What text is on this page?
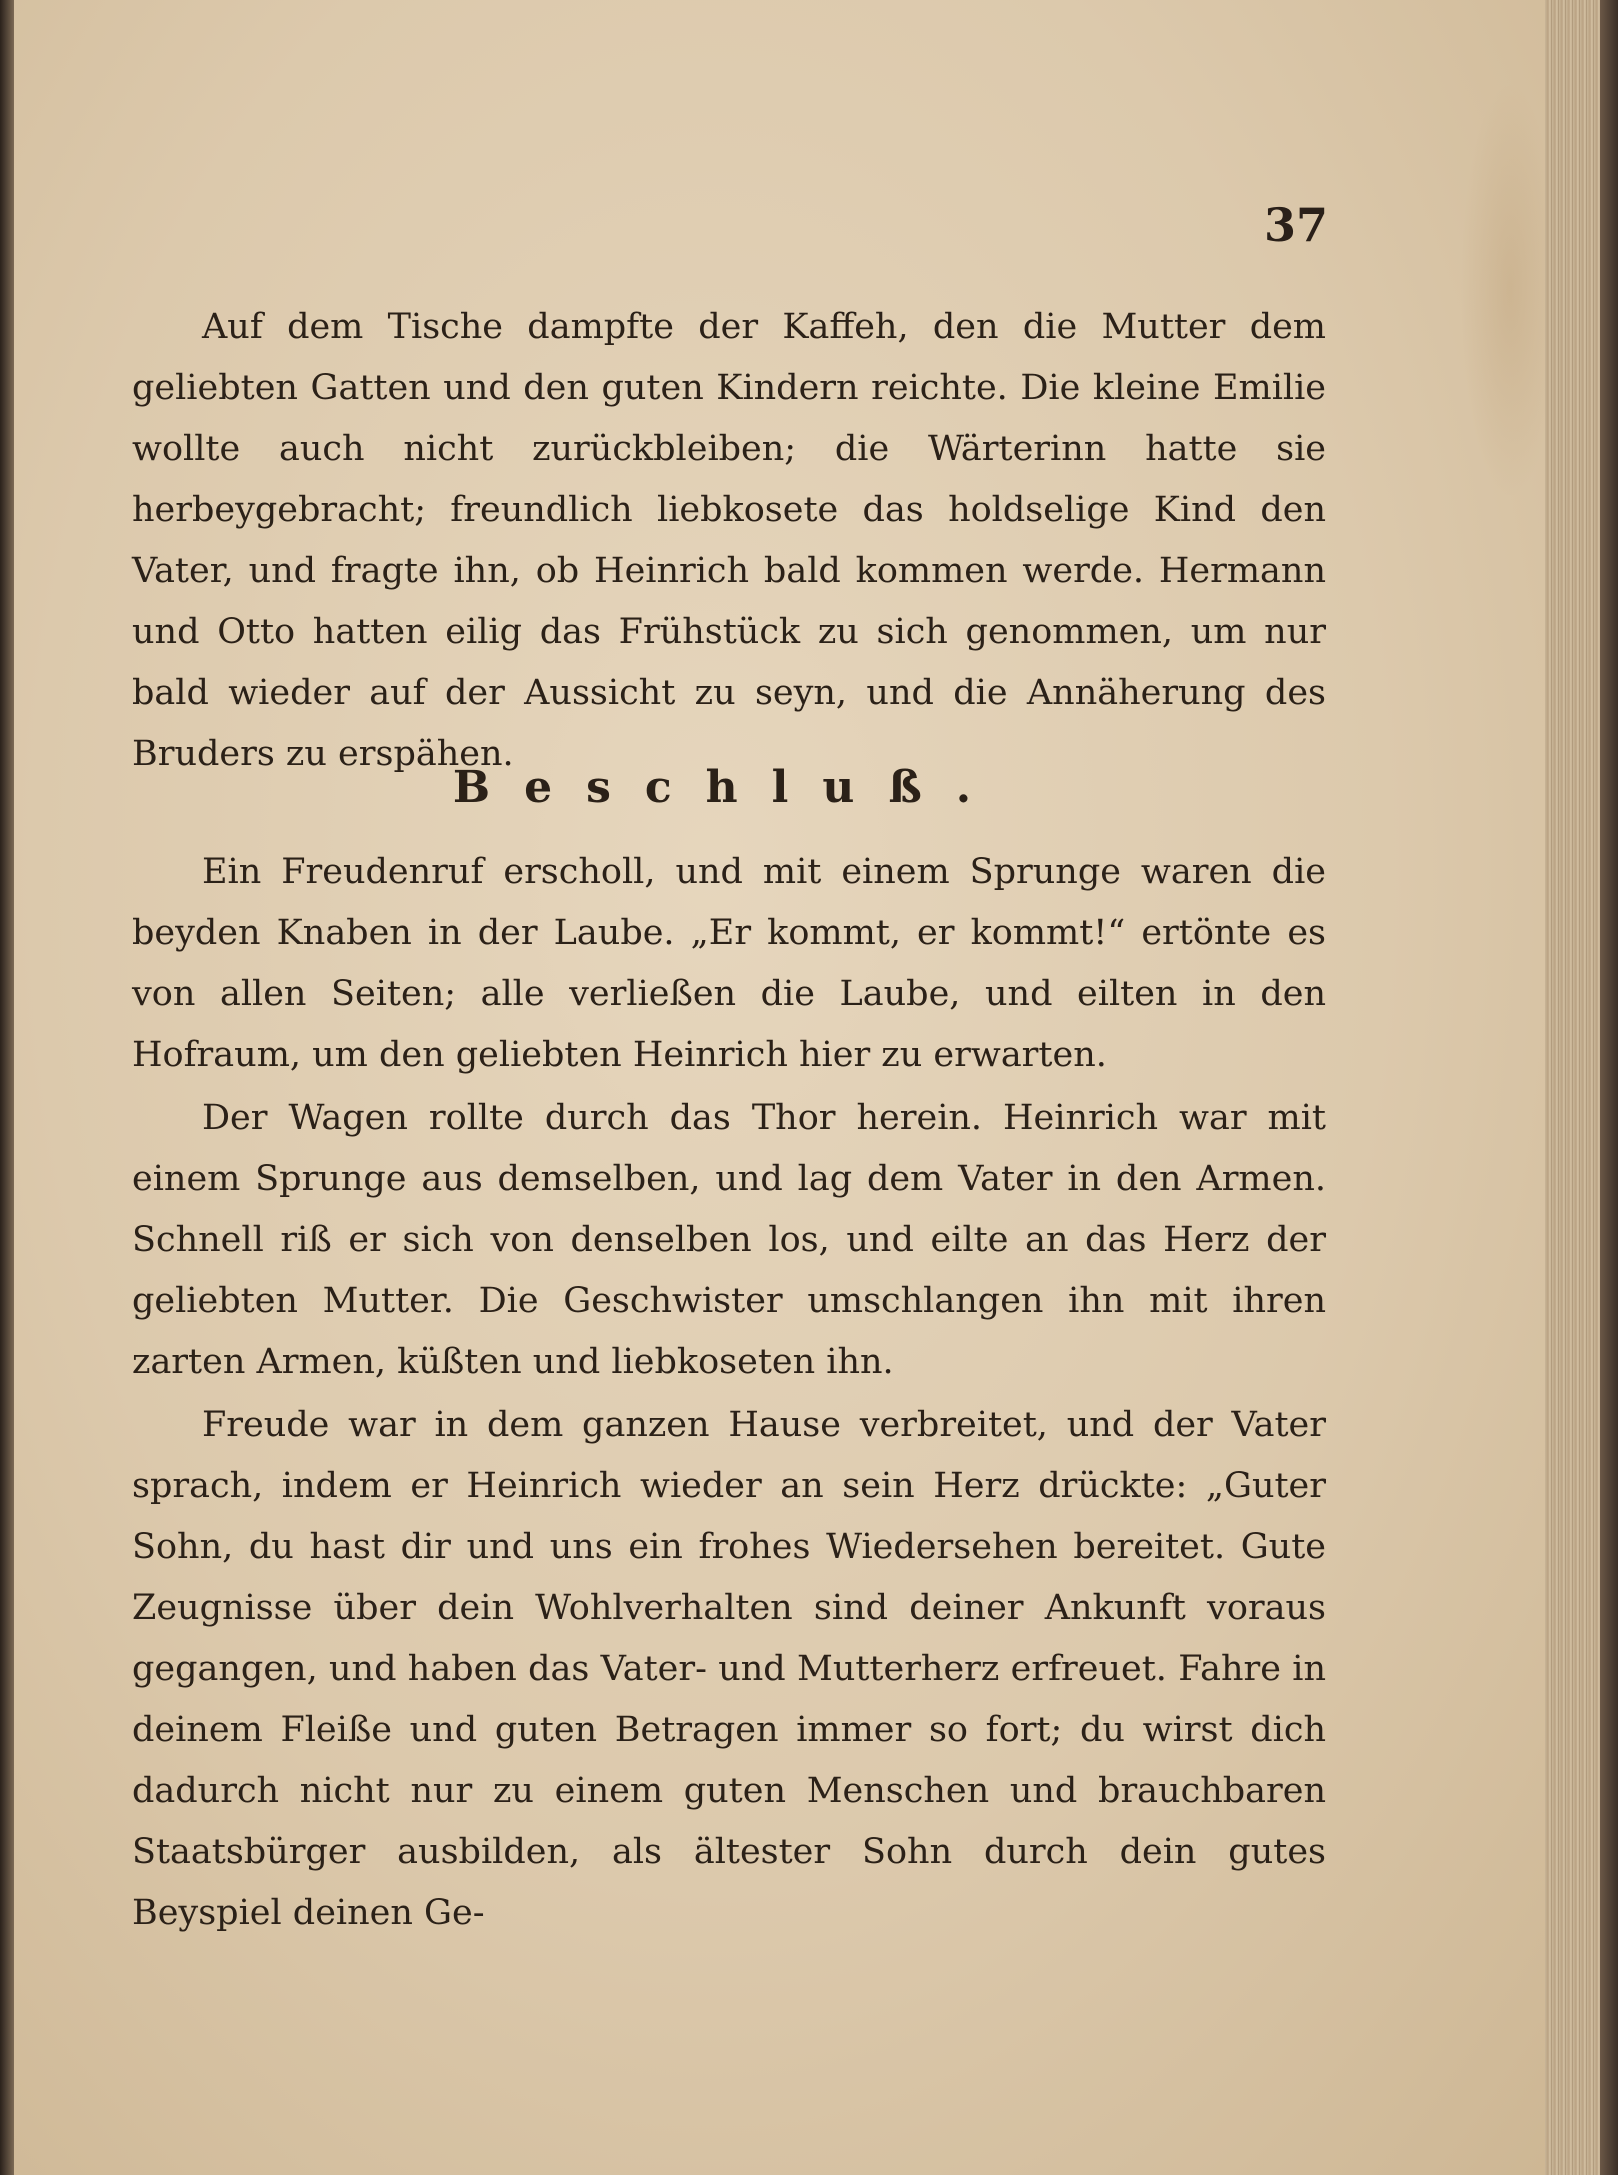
37

Auf dem Tische dampfte der Kaffeh, den die Mutter dem geliebten Gatten und den guten Kindern reichte. Die kleine Emilie wollte auch nicht zurückbleiben; die Wärterinn hatte sie herbeygebracht; freundlich liebkosete das holdselige Kind den Vater, und fragte ihn, ob Heinrich bald kommen werde. Hermann und Otto hatten eilig das Frühstück zu sich genommen, um nur bald wieder auf der Aussicht zu seyn, und die Annäherung des Bruders zu erspähen.

Beschluß.

Ein Freudenruf erscholl, und mit einem Sprunge waren die beyden Knaben in der Laube. „Er kommt, er kommt!“ ertönte es von allen Seiten; alle verließen die Laube, und eilten in den Hofraum, um den geliebten Heinrich hier zu erwarten.

Der Wagen rollte durch das Thor herein. Heinrich war mit einem Sprunge aus demselben, und lag dem Vater in den Armen. Schnell riß er sich von denselben los, und eilte an das Herz der geliebten Mutter. Die Geschwister umschlangen ihn mit ihren zarten Armen, küßten und liebkoseten ihn.

Freude war in dem ganzen Hause verbreitet, und der Vater sprach, indem er Heinrich wieder an sein Herz drückte: „Guter Sohn, du hast dir und uns ein frohes Wiedersehen bereitet. Gute Zeugnisse über dein Wohlverhalten sind deiner Ankunft voraus gegangen, und haben das Vater- und Mutterherz erfreuet. Fahre in deinem Fleiße und guten Betragen immer so fort; du wirst dich dadurch nicht nur zu einem guten Menschen und brauchbaren Staatsbürger ausbilden, als ältester Sohn durch dein gutes Beyspiel deinen Ge-
